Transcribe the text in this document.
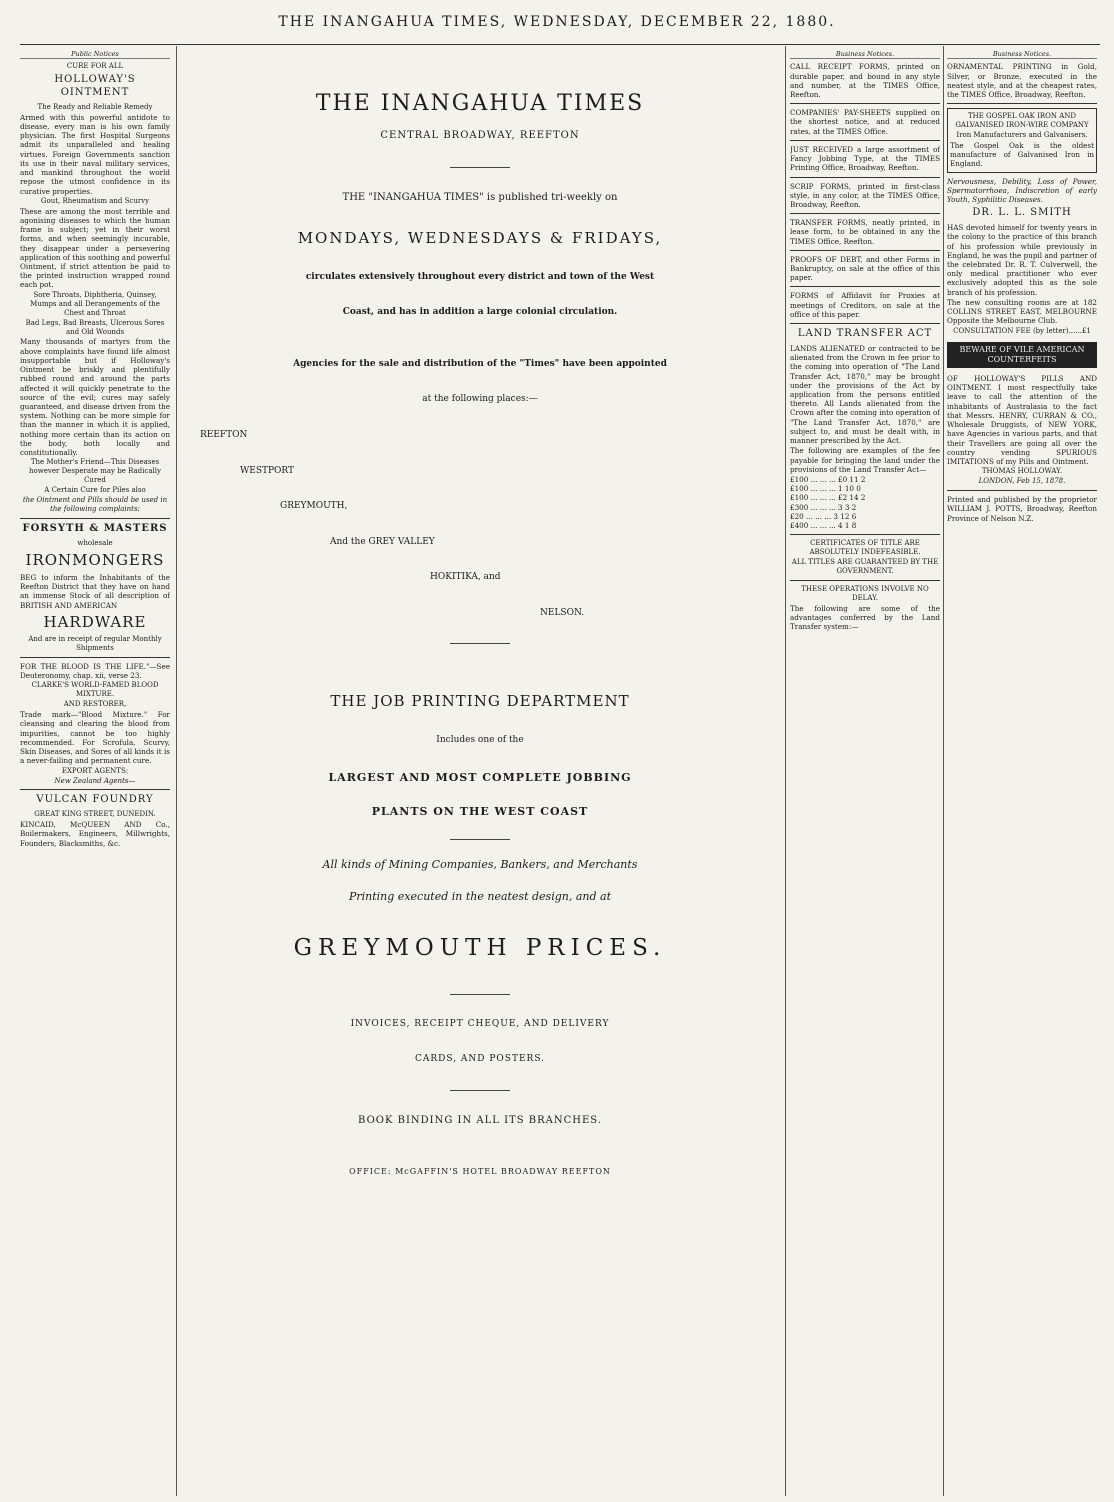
THE INANGAHUA TIMES, WEDNESDAY, DECEMBER 22, 1880.
Public Notices
CURE FOR ALL
HOLLOWAY'S OINTMENT
The Ready and Reliable Remedy

Armed with this powerful antidote to disease, every man is his own family physician. The first Hospital Surgeons admit its unparalleled and healing virtues. Foreign Governments sanction its use in their naval military services, and mankind throughout the world repose the utmost confidence in its curative properties.

Gout, Rheumatism and Scurvy

These are among the most terrible and agonising diseases to which the human frame is subject; yet in their worst forms, and when seemingly incurable, they disappear under a persevering application of this soothing and powerful Ointment, if strict attention be paid to the printed instruction wrapped round each pot.

Sore Throats, Diphtheria, Quinsey, Mumps and all Derangements of the Chest and Throat
Bad Legs, Bad Breasts, Ulcerous Sores and Old Wounds

Many thousands of martyrs from the above complaints have found life almost insupportable but if Holloway's Ointment be briskly and plentifully rubbed round and around the parts affected it will quickly penetrate to the source of the evil; cures may safely guaranteed, and disease driven from the system. Nothing can be more simple for than the manner in which it is applied, nothing more certain than its action on the body, both locally and constitutionally.

The Mother's Friend—This Diseases however Desperate may be Radically Cured
A Certain Cure for Piles also
the Ointment and Pills should be used in the following complaints:
FORSYTH & MASTERS
wholesale
IRONMONGERS

BEG to inform the Inhabitants of the Reefton District that they have on hand an immense Stock of all description of BRITISH AND AMERICAN

HARDWARE
And are in receipt of regular Monthly Shipments

FOR THE BLOOD IS THE LIFE."—See Deuteronomy, chap. xii, verse 23.

CLARKE'S WORLD-FAMED BLOOD MIXTURE.
AND RESTORER,

Trade mark—"Blood Mixture." For cleansing and clearing the blood from impurities, cannot be too highly recommended. For Scrofula, Scurvy, Skin Diseases, and Sores of all kinds it is a never-failing and permanent cure.

EXPORT AGENTS:
New Zealand Agents—
VULCAN FOUNDRY
GREAT KING STREET, DUNEDIN.

KINCAID, McQUEEN AND Co., Boilermakers, Engineers, Millwrights, Founders, Blacksmiths, &c.

THE INANGAHUA TIMES
CENTRAL BROADWAY, REEFTON
THE "INANGAHUA TIMES" is published tri-weekly on
MONDAYS, WEDNESDAYS & FRIDAYS,
circulates extensively throughout every district and town of the West
Coast, and has in addition a large colonial circulation.
Agencies for the sale and distribution of the "Times" have been appointed
at the following places:—
REEFTON
WESTPORT
GREYMOUTH,
And the GREY VALLEY
HOKITIKA, and
NELSON.
THE JOB PRINTING DEPARTMENT
Includes one of the
LARGEST AND MOST COMPLETE JOBBING
PLANTS ON THE WEST COAST
All kinds of Mining Companies, Bankers, and Merchants
Printing executed in the neatest design, and at
GREYMOUTH PRICES.
INVOICES, RECEIPT CHEQUE, AND DELIVERY
CARDS, AND POSTERS.
BOOK BINDING IN ALL ITS BRANCHES.
OFFICE: McGAFFIN'S HOTEL BROADWAY REEFTON
Business Notices.

CALL RECEIPT FORMS, printed on durable paper, and bound in any style and number, at the TIMES Office, Reefton.

COMPANIES' PAY-SHEETS supplied on the shortest notice, and at reduced rates, at the TIMES Office.

JUST RECEIVED a large assortment of Fancy Jobbing Type, at the TIMES Printing Office, Broadway, Reefton.

SCRIP FORMS, printed in first-class style, in any color, at the TIMES Office, Broadway, Reefton.

TRANSFER FORMS, neatly printed, in lease form, to be obtained in any the TIMES Office, Reefton.

PROOFS OF DEBT, and other Forms in Bankruptcy, on sale at the office of this paper.

FORMS of Affidavit for Proxies at meetings of Creditors, on sale at the office of this paper.

LAND TRANSFER ACT

LANDS ALIENATED or contracted to be alienated from the Crown in fee prior to the coming into operation of "The Land Transfer Act, 1870," may be brought under the provisions of the Act by application from the persons entitled thereto. All Lands alienated from the Crown after the coming into operation of "The Land Transfer Act, 1870," are subject to, and must be dealt with, in manner prescribed by the Act.

The following are examples of the fee payable for bringing the land under the provisions of the Land Transfer Act—

£100 ... ... ... £0 11 2
£100 ... ... ... 1 10 0
£100 ... ... ... £2 14 2
£300 ... ... ... 3 3 2
£20 ... ... ... 3 12 6
£400 ... ... ... 4 1 8
CERTIFICATES OF TITLE ARE ABSOLUTELY INDEFEASIBLE.
ALL TITLES ARE GUARANTEED BY THE GOVERNMENT.
THESE OPERATIONS INVOLVE NO DELAY.

The following are some of the advantages conferred by the Land Transfer system:—

Business Notices.

ORNAMENTAL PRINTING in Gold, Silver, or Bronze, executed in the neatest style, and at the cheapest rates, the TIMES Office, Broadway, Reefton.

THE GOSPEL OAK IRON AND GALVANISED IRON-WIRE COMPANY
Iron Manufacturers and Galvanisers.

The Gospel Oak is the oldest manufacture of Galvanised Iron in England.

Nervousness, Debility, Loss of Power, Spermatorrhoea, Indiscretion of early Youth, Syphilitic Diseases.

DR. L. L. SMITH

HAS devoted himself for twenty years in the colony to the practice of this branch of his profession while previously in England, he was the pupil and partner of the celebrated Dr. R. T. Culverwell, the only medical practitioner who ever exclusively adopted this as the sole branch of his profession.

The new consulting rooms are at 182 COLLINS STREET EAST, MELBOURNE Opposite the Melbourne Club.

CONSULTATION FEE (by letter)......£1
BEWARE OF VILE AMERICAN COUNTERFEITS

OF HOLLOWAY'S PILLS AND OINTMENT. I most respectfully take leave to call the attention of the inhabitants of Australasia to the fact that Messrs. HENRY, CURRAN & CO., Wholesale Druggists, of NEW YORK, have Agencies in various parts, and that their Travellers are going all over the country vending SPURIOUS IMITATIONS of my Pills and Ointment.

THOMAS HOLLOWAY.
LONDON, Feb 15, 1878.

Printed and published by the proprietor WILLIAM J. POTTS, Broadway, Reefton Province of Nelson N.Z.
